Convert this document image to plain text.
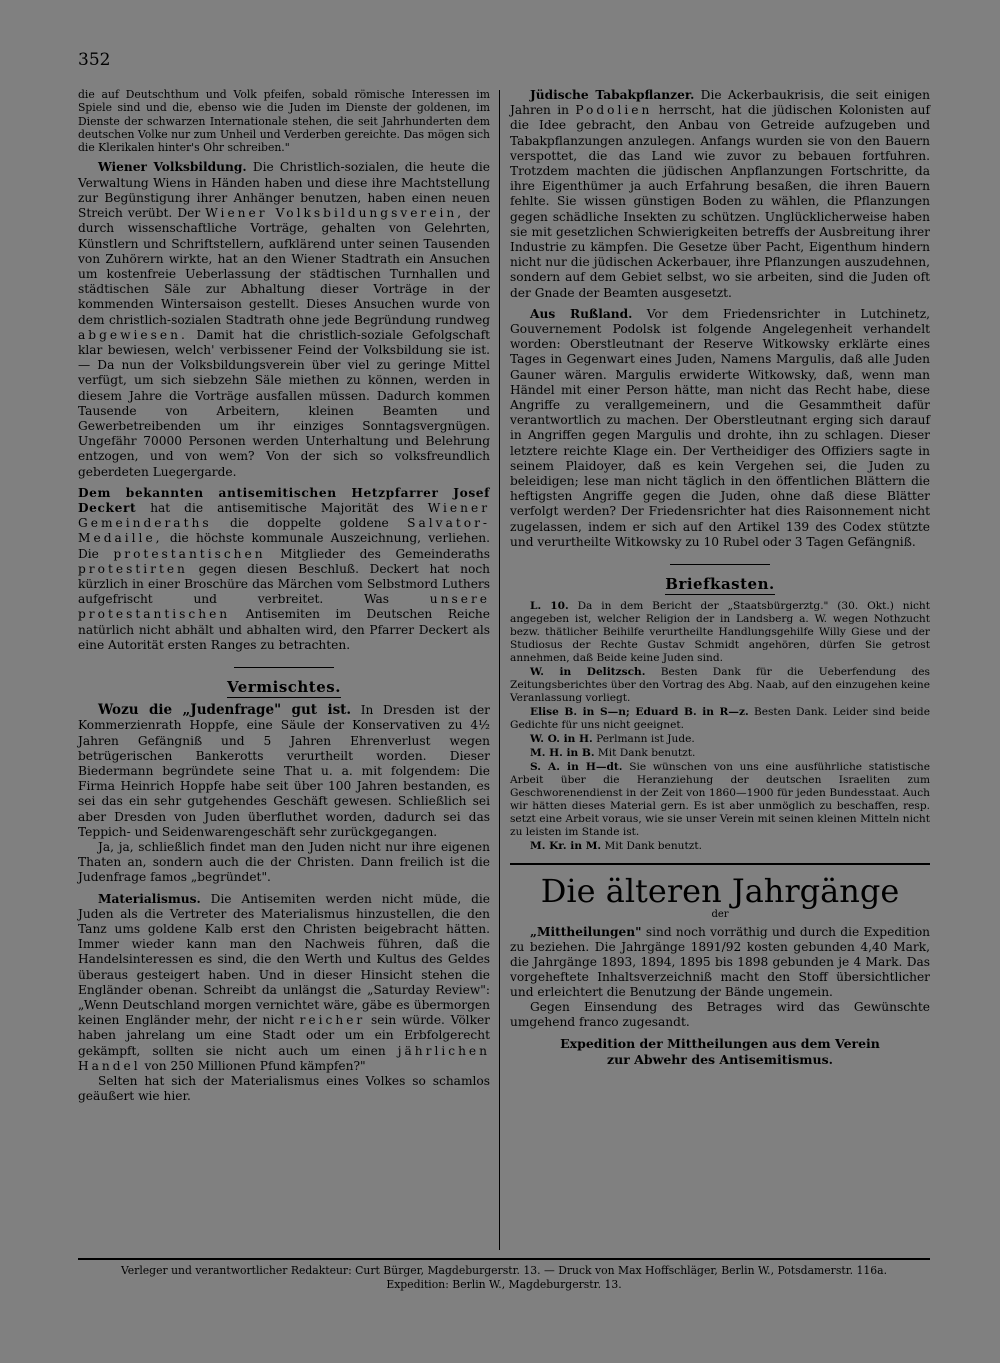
352

die auf Deutschthum und Volk pfeifen, sobald römische Interessen im Spiele sind und die, ebenso wie die Juden im Dienste der goldenen, im Dienste der schwarzen Internationale stehen, die seit Jahrhunderten dem deutschen Volke nur zum Unheil und Verderben gereichte. Das mögen sich die Klerikalen hinter's Ohr schreiben."

Wiener Volksbildung. Die Christlich-sozialen, die heute die Verwaltung Wiens in Händen haben und diese ihre Machtstellung zur Begünstigung ihrer Anhänger benutzen, haben einen neuen Streich verübt. Der Wiener Volksbildungsverein, der durch wissenschaftliche Vorträge, gehalten von Gelehrten, Künstlern und Schriftstellern, aufklärend unter seinen Tausenden von Zuhörern wirkte, hat an den Wiener Stadtrath ein Ansuchen um kostenfreie Ueberlassung der städtischen Turnhallen und städtischen Säle zur Abhaltung dieser Vorträge in der kommenden Wintersaison gestellt. Dieses Ansuchen wurde von dem christlich-sozialen Stadtrath ohne jede Begründung rundweg abgewiesen. Damit hat die christlich-soziale Gefolgschaft klar bewiesen, welch' verbissener Feind der Volksbildung sie ist. — Da nun der Volksbildungsverein über viel zu geringe Mittel verfügt, um sich siebzehn Säle miethen zu können, werden in diesem Jahre die Vorträge ausfallen müssen. Dadurch kommen Tausende von Arbeitern, kleinen Beamten und Gewerbetreibenden um ihr einziges Sonntagsvergnügen. Ungefähr 70000 Personen werden Unterhaltung und Belehrung entzogen, und von wem? Von der sich so volksfreundlich geberdeten Luegergarde.

Dem bekannten antisemitischen Hetzpfarrer Josef Deckert hat die antisemitische Majorität des Wiener Gemeinderaths die doppelte goldene Salvator-Medaille, die höchste kommunale Auszeichnung, verliehen. Die protestantischen Mitglieder des Gemeinderaths protestirten gegen diesen Beschluß. Deckert hat noch kürzlich in einer Broschüre das Märchen vom Selbstmord Luthers aufgefrischt und verbreitet. Was	unsere protestantischen Antisemiten im Deutschen Reiche natürlich nicht abhält und abhalten wird, den Pfarrer Deckert als eine Autorität ersten Ranges zu betrachten.

Vermischtes.

Wozu die „Judenfrage" gut ist. In Dresden ist der Kommerzienrath Hoppfe, eine Säule der Konservativen zu 4½ Jahren Gefängniß und 5 Jahren Ehrenverlust wegen betrügerischen Bankerotts verurtheilt worden. Dieser Biedermann begründete seine That u. a. mit folgendem: Die Firma Heinrich Hoppfe habe seit über 100 Jahren bestanden, es sei das ein sehr gutgehendes Geschäft gewesen. Schließlich sei aber Dresden von Juden überfluthet worden, dadurch sei das Teppich- und Seidenwarengeschäft sehr zurückgegangen.

Ja, ja, schließlich findet man den Juden nicht nur ihre eigenen Thaten an, sondern auch die der Christen. Dann freilich ist die Judenfrage famos „begründet".

Materialismus. Die Antisemiten werden nicht müde, die Juden als die Vertreter des Materialismus hinzustellen, die den Tanz ums goldene Kalb erst den Christen beigebracht hätten. Immer wieder kann man den Nachweis führen, daß die Handelsinteressen es sind, die den Werth und Kultus des Geldes überaus gesteigert haben. Und in dieser Hinsicht stehen die Engländer obenan. Schreibt da unlängst die „Saturday Review": „Wenn Deutschland morgen vernichtet wäre, gäbe es übermorgen keinen Engländer mehr, der nicht reicher sein würde. Völker haben jahrelang um eine Stadt oder um ein Erbfolgerecht gekämpft, sollten sie nicht auch um einen jährlichen Handel von 250 Millionen Pfund kämpfen?"

Selten hat sich der Materialismus eines Volkes so schamlos geäußert wie hier.

Jüdische Tabakpflanzer. Die Ackerbaukrisis, die seit einigen Jahren in Podolien herrscht, hat die jüdischen Kolonisten auf die Idee gebracht, den Anbau von Getreide aufzugeben und Tabakpflanzungen anzulegen. Anfangs wurden sie von den Bauern verspottet, die das Land wie zuvor zu bebauen fortfuhren. Trotzdem machten die jüdischen Anpflanzungen Fortschritte, da ihre Eigenthümer ja auch Erfahrung besaßen, die ihren Bauern fehlte. Sie wissen günstigen Boden zu wählen, die Pflanzungen gegen schädliche Insekten zu schützen. Unglücklicherweise haben sie mit gesetzlichen Schwierigkeiten betreffs der Ausbreitung ihrer Industrie zu kämpfen. Die Gesetze über Pacht, Eigenthum hindern nicht nur die jüdischen Ackerbauer, ihre Pflanzungen auszudehnen, sondern auf dem Gebiet selbst, wo sie arbeiten, sind die Juden oft der Gnade der Beamten ausgesetzt.

Aus Rußland. Vor dem Friedensrichter in Lutchinetz, Gouvernement Podolsk ist folgende Angelegenheit verhandelt worden: Oberstleutnant der Reserve Witkowsky erklärte eines Tages in Gegenwart eines Juden, Namens Margulis, daß alle Juden Gauner wären. Margulis erwiderte Witkowsky, daß, wenn man Händel mit einer Person hätte, man nicht das Recht habe, diese Angriffe zu verallgemeinern, und die Gesammtheit dafür verantwortlich zu machen. Der Oberstleutnant erging sich darauf in Angriffen gegen Margulis und drohte, ihn zu schlagen. Dieser letztere reichte Klage ein. Der Vertheidiger des Offiziers sagte in seinem Plaidoyer, daß es kein Vergehen sei, die Juden zu beleidigen; lese man nicht täglich in den öffentlichen Blättern die heftigsten Angriffe gegen die Juden, ohne daß diese Blätter verfolgt werden? Der Friedensrichter hat dies Raisonnement nicht zugelassen, indem er sich auf den Artikel 139 des Codex stützte und verurtheilte Witkowsky zu 10 Rubel oder 3 Tagen Gefängniß.

Briefkasten.

L. 10. Da in dem Bericht der „Staatsbürgerztg." (30. Okt.) nicht angegeben ist, welcher Religion der in Landsberg a. W. wegen Nothzucht bezw. thätlicher Beihilfe verurtheilte Handlungsgehilfe Willy Giese und der Studiosus der Rechte Gustav Schmidt angehören, dürfen Sie getrost annehmen, daß Beide keine Juden sind.

W. in Delitzsch. Besten Dank für die Ueberfendung des Zeitungsberichtes über den Vortrag des Abg. Naab, auf den einzugehen keine Veranlassung vorliegt.

Elise B. in S—n; Eduard B. in R—z. Besten Dank. Leider sind beide Gedichte für uns nicht geeignet.

W. O. in H. Perlmann ist Jude.

M. H. in B. Mit Dank benutzt.

S. A. in H—dt. Sie wünschen von uns eine ausführliche statistische Arbeit über die Heranziehung der deutschen Israeliten zum Geschworenendienst in der Zeit von 1860—1900 für jeden Bundesstaat. Auch wir hätten dieses Material gern. Es ist aber unmöglich zu beschaffen, resp. setzt eine Arbeit voraus, wie sie unser Verein mit seinen kleinen Mitteln nicht zu leisten im Stande ist.

M. Kr. in M. Mit Dank benutzt.

Die älteren Jahrgänge
der

„Mittheilungen" sind noch vorräthig und durch die Expedition zu beziehen. Die Jahrgänge 1891/92 kosten gebunden 4,40 Mark, die Jahrgänge 1893, 1894, 1895 bis 1898 gebunden je 4 Mark. Das vorgeheftete Inhaltsverzeichniß macht den Stoff übersichtlicher und erleichtert die Benutzung der Bände ungemein.

Gegen Einsendung des Betrages wird das Gewünschte umgehend franco zugesandt.

Expedition der Mittheilungen aus dem Verein
zur Abwehr des Antisemitismus.
Verleger und verantwortlicher Redakteur: Curt Bürger, Magdeburgerstr. 13. — Druck von Max Hoffschläger, Berlin W., Potsdamerstr. 116a.
Expedition: Berlin W., Magdeburgerstr. 13.
